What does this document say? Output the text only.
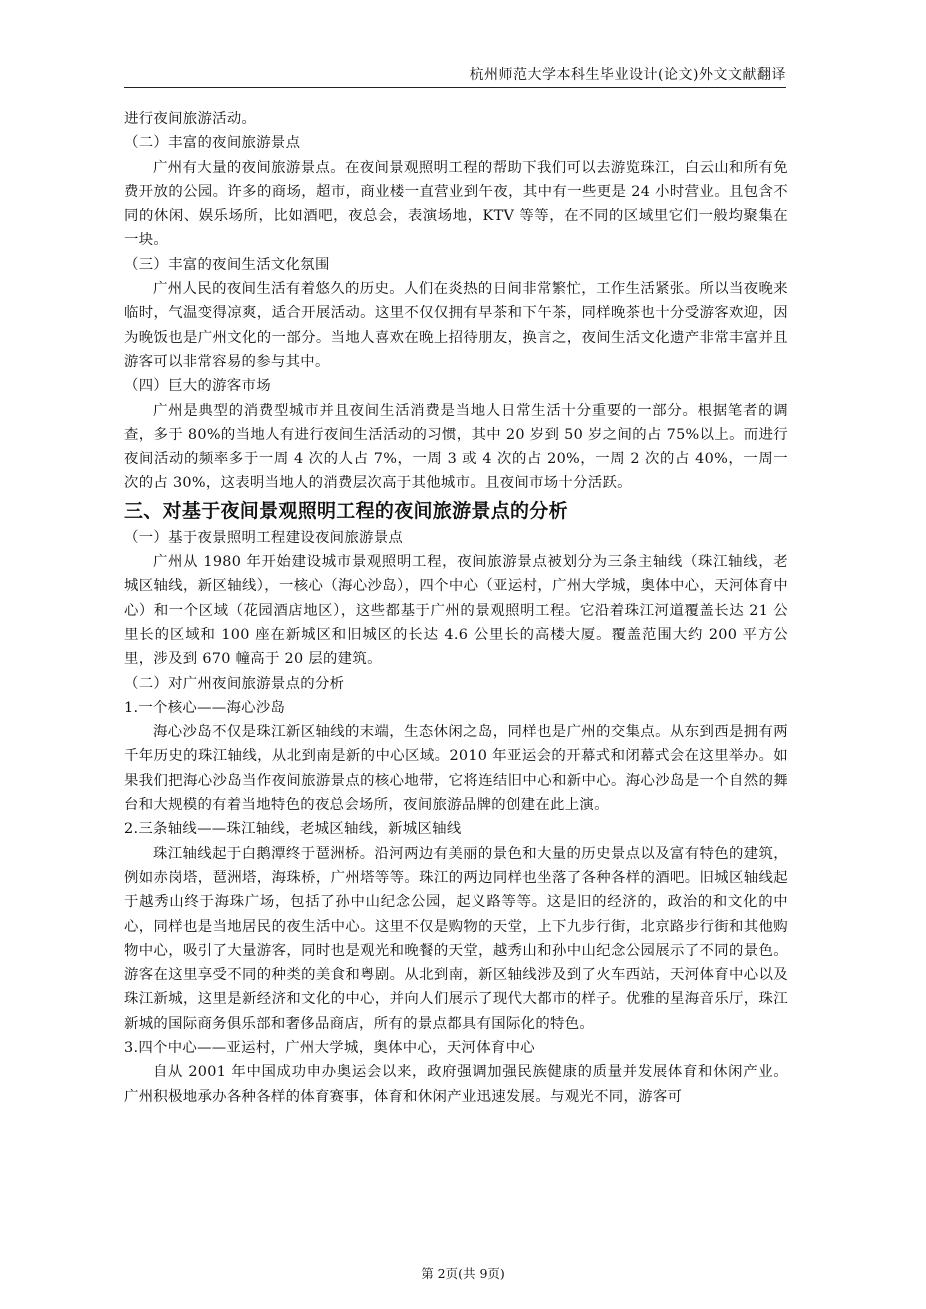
杭州师范大学本科生毕业设计(论文)外文文献翻译

进行夜间旅游活动。

（二）丰富的夜间旅游景点

广州有大量的夜间旅游景点。在夜间景观照明工程的帮助下我们可以去游览珠江，白云山和所有免费开放的公园。许多的商场，超市，商业楼一直营业到午夜，其中有一些更是 24 小时营业。且包含不同的休闲、娱乐场所，比如酒吧，夜总会，表演场地，KTV 等等，在不同的区域里它们一般均聚集在一块。

（三）丰富的夜间生活文化氛围

广州人民的夜间生活有着悠久的历史。人们在炎热的日间非常繁忙，工作生活紧张。所以当夜晚来临时，气温变得凉爽，适合开展活动。这里不仅仅拥有早茶和下午茶，同样晚茶也十分受游客欢迎，因为晚饭也是广州文化的一部分。当地人喜欢在晚上招待朋友，换言之，夜间生活文化遗产非常丰富并且游客可以非常容易的参与其中。

（四）巨大的游客市场

广州是典型的消费型城市并且夜间生活消费是当地人日常生活十分重要的一部分。根据笔者的调查，多于 80%的当地人有进行夜间生活活动的习惯，其中 20 岁到 50 岁之间的占 75%以上。而进行夜间活动的频率多于一周 4 次的人占 7%，一周 3 或 4 次的占 20%，一周 2 次的占 40%，一周一次的占 30%，这表明当地人的消费层次高于其他城市。且夜间市场十分活跃。

三、对基于夜间景观照明工程的夜间旅游景点的分析

（一）基于夜景照明工程建设夜间旅游景点

广州从 1980 年开始建设城市景观照明工程，夜间旅游景点被划分为三条主轴线（珠江轴线，老城区轴线，新区轴线），一核心（海心沙岛），四个中心（亚运村，广州大学城，奥体中心，天河体育中心）和一个区域（花园酒店地区），这些都基于广州的景观照明工程。它沿着珠江河道覆盖长达 21 公里长的区域和 100 座在新城区和旧城区的长达 4.6 公里长的高楼大厦。覆盖范围大约 200 平方公里，涉及到 670 幢高于 20 层的建筑。

（二）对广州夜间旅游景点的分析

1.一个核心——海心沙岛

海心沙岛不仅是珠江新区轴线的末端，生态休闲之岛，同样也是广州的交集点。从东到西是拥有两千年历史的珠江轴线，从北到南是新的中心区域。2010 年亚运会的开幕式和闭幕式会在这里举办。如果我们把海心沙岛当作夜间旅游景点的核心地带，它将连结旧中心和新中心。海心沙岛是一个自然的舞台和大规模的有着当地特色的夜总会场所，夜间旅游品牌的创建在此上演。

2.三条轴线——珠江轴线，老城区轴线，新城区轴线

珠江轴线起于白鹅潭终于琶洲桥。沿河两边有美丽的景色和大量的历史景点以及富有特色的建筑，例如赤岗塔，琶洲塔，海珠桥，广州塔等等。珠江的两边同样也坐落了各种各样的酒吧。旧城区轴线起于越秀山终于海珠广场，包括了孙中山纪念公园，起义路等等。这是旧的经济的，政治的和文化的中心，同样也是当地居民的夜生活中心。这里不仅是购物的天堂，上下九步行街，北京路步行街和其他购物中心，吸引了大量游客，同时也是观光和晚餐的天堂，越秀山和孙中山纪念公园展示了不同的景色。游客在这里享受不同的种类的美食和粤剧。从北到南，新区轴线涉及到了火车西站，天河体育中心以及珠江新城，这里是新经济和文化的中心，并向人们展示了现代大都市的样子。优雅的星海音乐厅，珠江新城的国际商务俱乐部和奢侈品商店，所有的景点都具有国际化的特色。

3.四个中心——亚运村，广州大学城，奥体中心，天河体育中心

自从 2001 年中国成功申办奥运会以来，政府强调加强民族健康的质量并发展体育和休闲产业。广州积极地承办各种各样的体育赛事，体育和休闲产业迅速发展。与观光不同，游客可

第 2页(共 9页)
